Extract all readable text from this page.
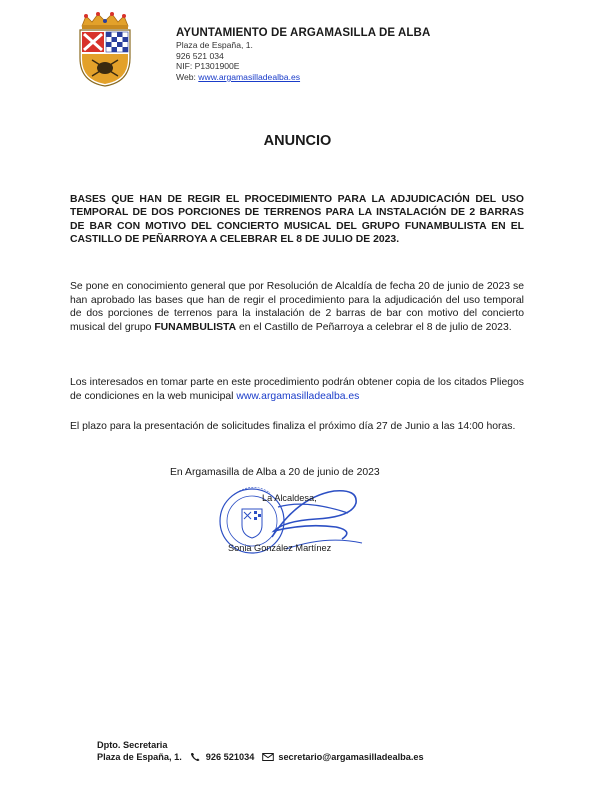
AYUNTAMIENTO DE ARGAMASILLA DE ALBA
Plaza de España, 1.
926 521 034
NIF: P1301900E
Web: www.argamasilladealba.es
ANUNCIO
BASES QUE HAN DE REGIR EL PROCEDIMIENTO PARA LA ADJUDICACIÓN DEL USO TEMPORAL DE DOS PORCIONES DE TERRENOS PARA LA INSTALACIÓN DE 2 BARRAS DE BAR CON MOTIVO DEL CONCIERTO MUSICAL DEL GRUPO FUNAMBULISTA EN EL CASTILLO DE PEÑARROYA A CELEBRAR EL 8 DE JULIO DE 2023.
Se pone en conocimiento general que por Resolución de Alcaldía de fecha 20 de junio de 2023 se han aprobado las bases que han de regir el procedimiento para la adjudicación del uso temporal de dos porciones de terrenos para la instalación de 2 barras de bar con motivo del concierto musical del grupo FUNAMBULISTA en el Castillo de Peñarroya a celebrar el 8 de julio de 2023.
Los interesados en tomar parte en este procedimiento podrán obtener copia de los citados Pliegos de condiciones en la web municipal www.argamasilladealba.es
El plazo para la presentación de solicitudes finaliza el próximo día 27 de Junio a las 14:00 horas.
En Argamasilla de Alba a 20 de junio de 2023
La Alcaldesa,
Sonia González Martínez
Dpto. Secretaria
Plaza de España, 1.	926 521034	secretario@argamasilladealba.es
